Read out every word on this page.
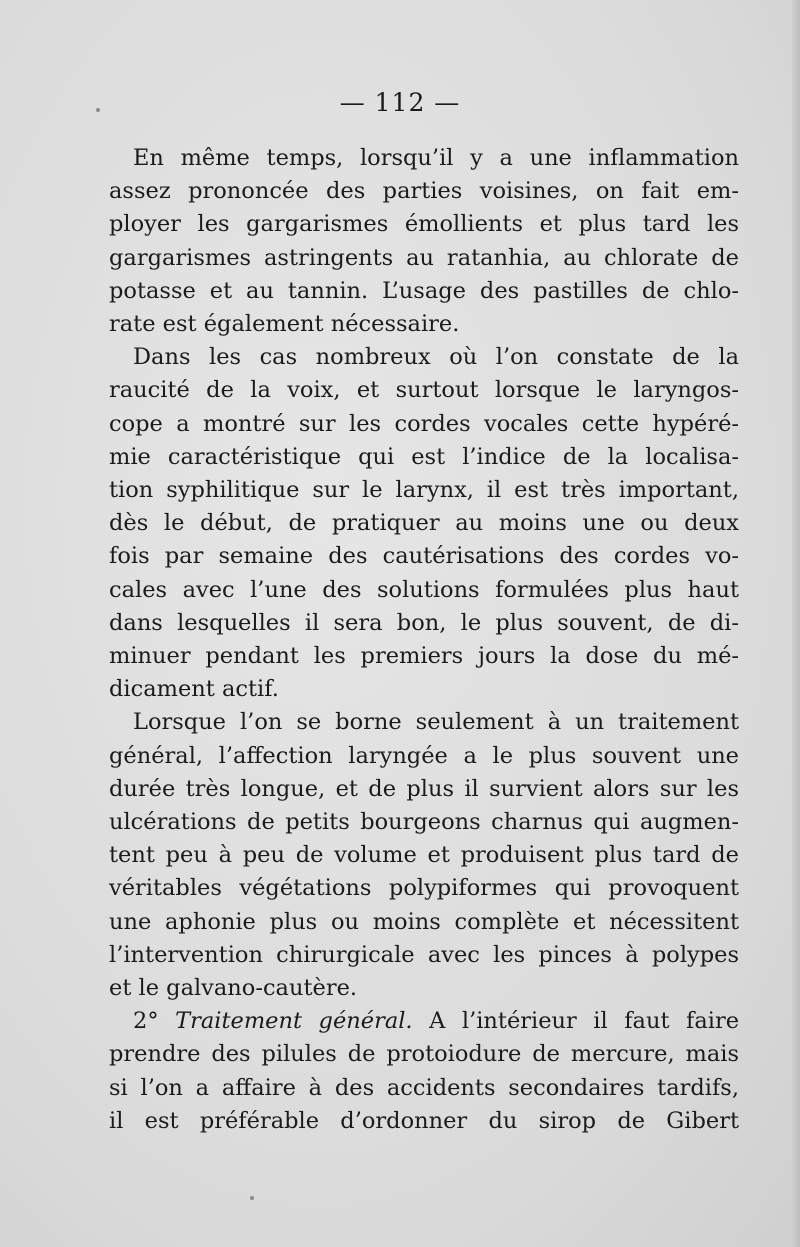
— 112 —

En même temps, lorsqu’il y a une inflammation
assez prononcée des parties voisines, on fait em-
ployer les gargarismes émollients et plus tard les
gargarismes astringents au ratanhia, au chlorate de
potasse et au tannin. L’usage des pastilles de chlo-
rate est également nécessaire.

Dans les cas nombreux où l’on constate de la
raucité de la voix, et surtout lorsque le laryngos-
cope a montré sur les cordes vocales cette hypéré-
mie caractéristique qui est l’indice de la localisa-
tion syphilitique sur le larynx, il est très important,
dès le début, de pratiquer au moins une ou deux
fois par semaine des cautérisations des cordes vo-
cales avec l’une des solutions formulées plus haut
dans lesquelles il sera bon, le plus souvent, de di-
minuer pendant les premiers jours la dose du mé-
dicament actif.

Lorsque l’on se borne seulement à un traitement
général, l’affection laryngée a le plus souvent une
durée très longue, et de plus il survient alors sur les
ulcérations de petits bourgeons charnus qui augmen-
tent peu à peu de volume et produisent plus tard de
véritables végétations polypiformes qui provoquent
une aphonie plus ou moins complète et nécessitent
l’intervention chirurgicale avec les pinces à polypes
et le galvano-cautère.

2° Traitement général. A l’intérieur il faut faire
prendre des pilules de protoiodure de mercure, mais
si l’on a affaire à des accidents secondaires tardifs,
il est préférable d’ordonner du sirop de Gibert
